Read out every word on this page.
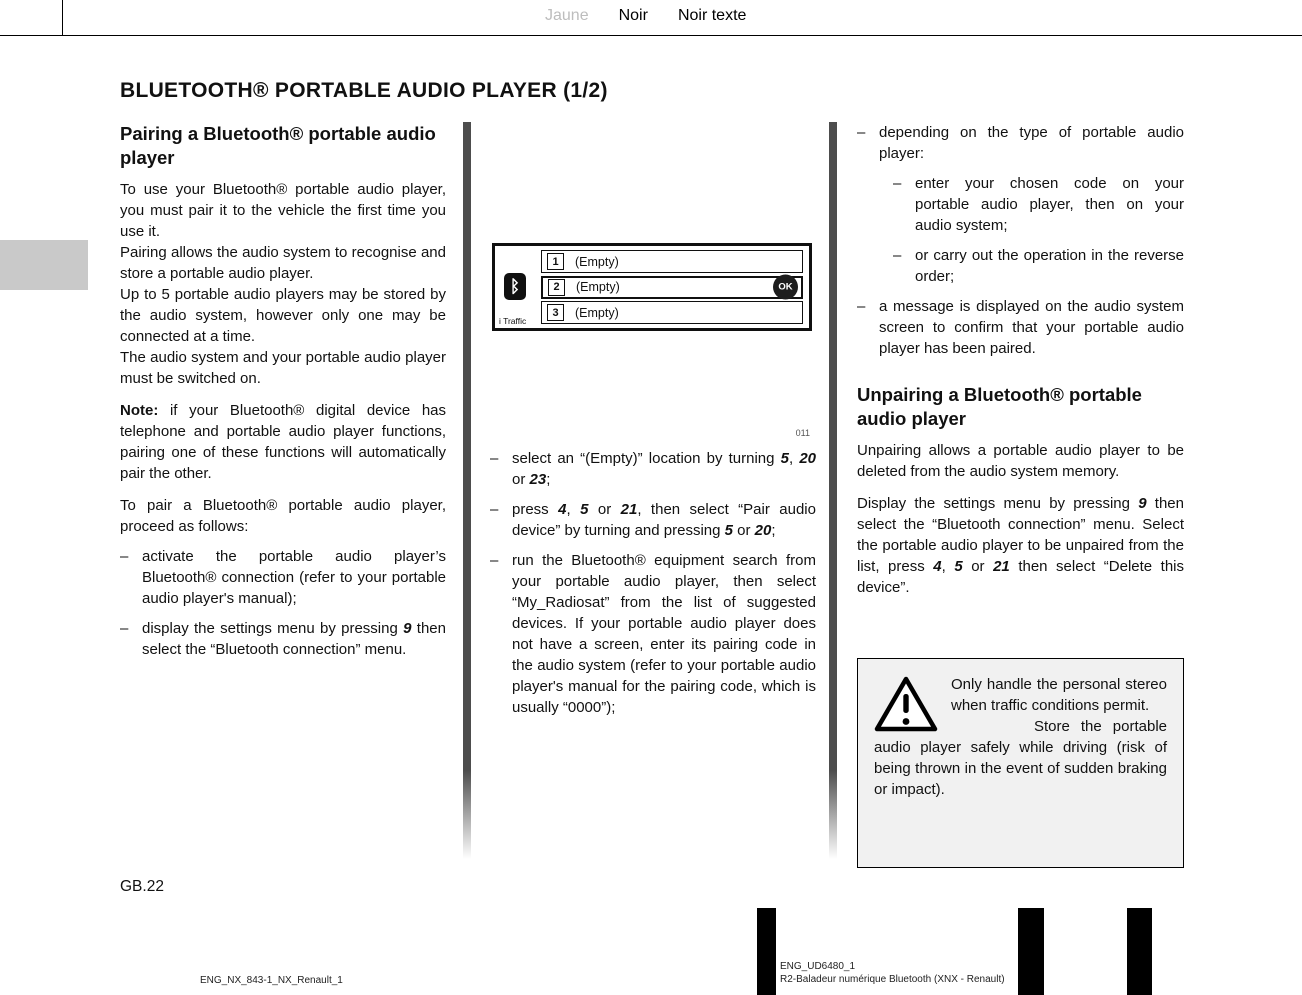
Jaune Noir Noir texte
BLUETOOTH® PORTABLE AUDIO PLAYER (1/2)
Pairing a Bluetooth® portable audio player

To use your Bluetooth® portable audio player, you must pair it to the vehicle the first time you use it.

Pairing allows the audio system to recognise and store a portable audio player.

Up to 5 portable audio players may be stored by the audio system, however only one may be connected at a time.

The audio system and your portable audio player must be switched on.

Note: if your Bluetooth® digital device has telephone and portable audio player functions, pairing one of these functions will automatically pair the other.

To pair a Bluetooth® portable audio player, proceed as follows:

– activate the portable audio player’s Bluetooth® connection (refer to your portable audio player's manual);
– display the settings menu by pressing 9 then select the “Bluetooth connection” menu.
ᛒ
i Traffic
1	(Empty)
2	(Empty)
3	(Empty)
OK
011
– select an “(Empty)” location by turning 5, 20 or 23;
– press 4, 5 or 21, then select “Pair audio device” by turning and pressing 5 or 20;
– run the Bluetooth® equipment search from your portable audio player, then select “My_Radiosat” from the list of suggested devices. If your portable audio player does not have a screen, enter its pairing code in the audio system (refer to your portable audio player's manual for the pairing code, which is usually “0000”);
– depending on the type of portable audio player:
– enter your chosen code on your portable audio player, then on your audio system;
– or carry out the operation in the reverse order;
– a message is displayed on the audio system screen to confirm that your portable audio player has been paired.
Unpairing a Bluetooth® portable audio player

Unpairing allows a portable audio player to be deleted from the audio system memory.

Display the settings menu by pressing 9 then select the “Bluetooth connection” menu. Select the portable audio player to be unpaired from the list, press 4, 5 or 21 then select “Delete this device”.

Only handle the personal stereo when traffic conditions permit.

Store the portable audio player safely while driving (risk of being thrown in the event of sudden braking or impact).

GB.22
ENG_NX_843-1_NX_Renault_1
ENG_UD6480_1
R2-Baladeur numérique Bluetooth (XNX - Renault)
